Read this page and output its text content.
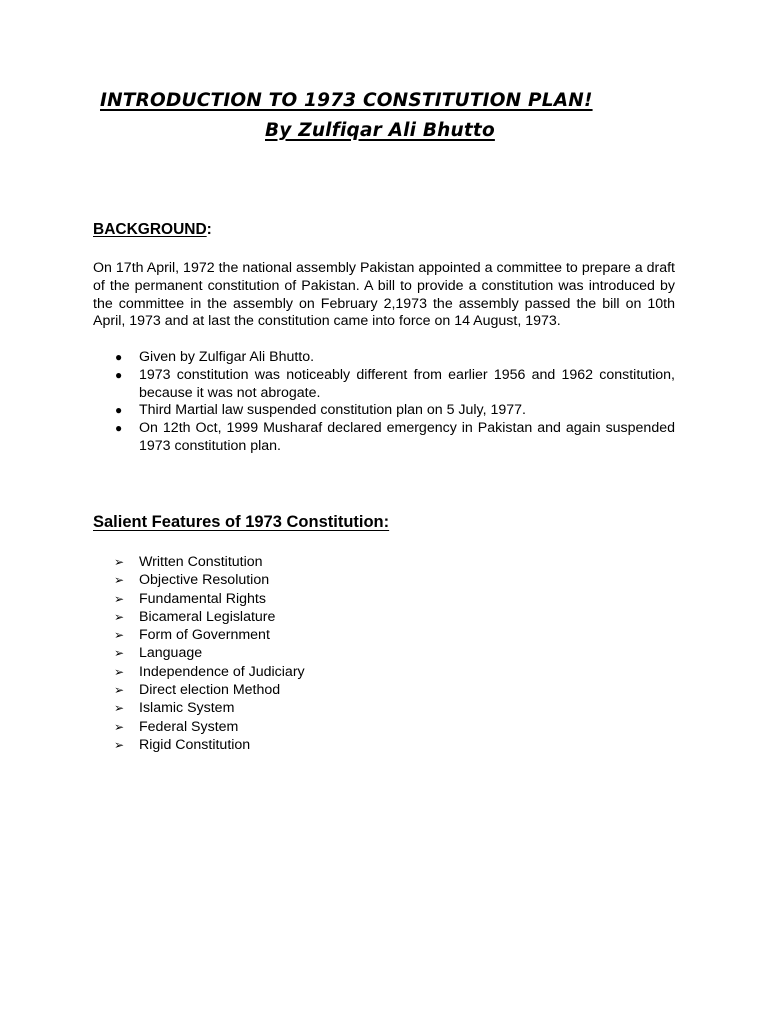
INTRODUCTION TO 1973 CONSTITUTION PLAN!
By Zulfiqar Ali Bhutto
BACKGROUND:

On 17th April, 1972 the national assembly Pakistan appointed a committee to prepare a draft of the permanent constitution of Pakistan. A bill to provide a constitution was introduced by the committee in the assembly on February 2,1973 the assembly passed the bill on 10th April, 1973 and at last the constitution came into force on 14 August, 1973.

● Given by Zulfigar Ali Bhutto.
● 1973 constitution was noticeably different from earlier 1956 and 1962 constitution, because it was not abrogate.
● Third Martial law suspended constitution plan on 5 July, 1977.
● On 12th Oct, 1999 Musharaf declared emergency in Pakistan and again suspended 1973 constitution plan.
Salient Features of 1973 Constitution:
➢ Written Constitution
➢ Objective Resolution
➢ Fundamental Rights
➢ Bicameral Legislature
➢ Form of Government
➢ Language
➢ Independence of Judiciary
➢ Direct election Method
➢ Islamic System
➢ Federal System
➢ Rigid Constitution
